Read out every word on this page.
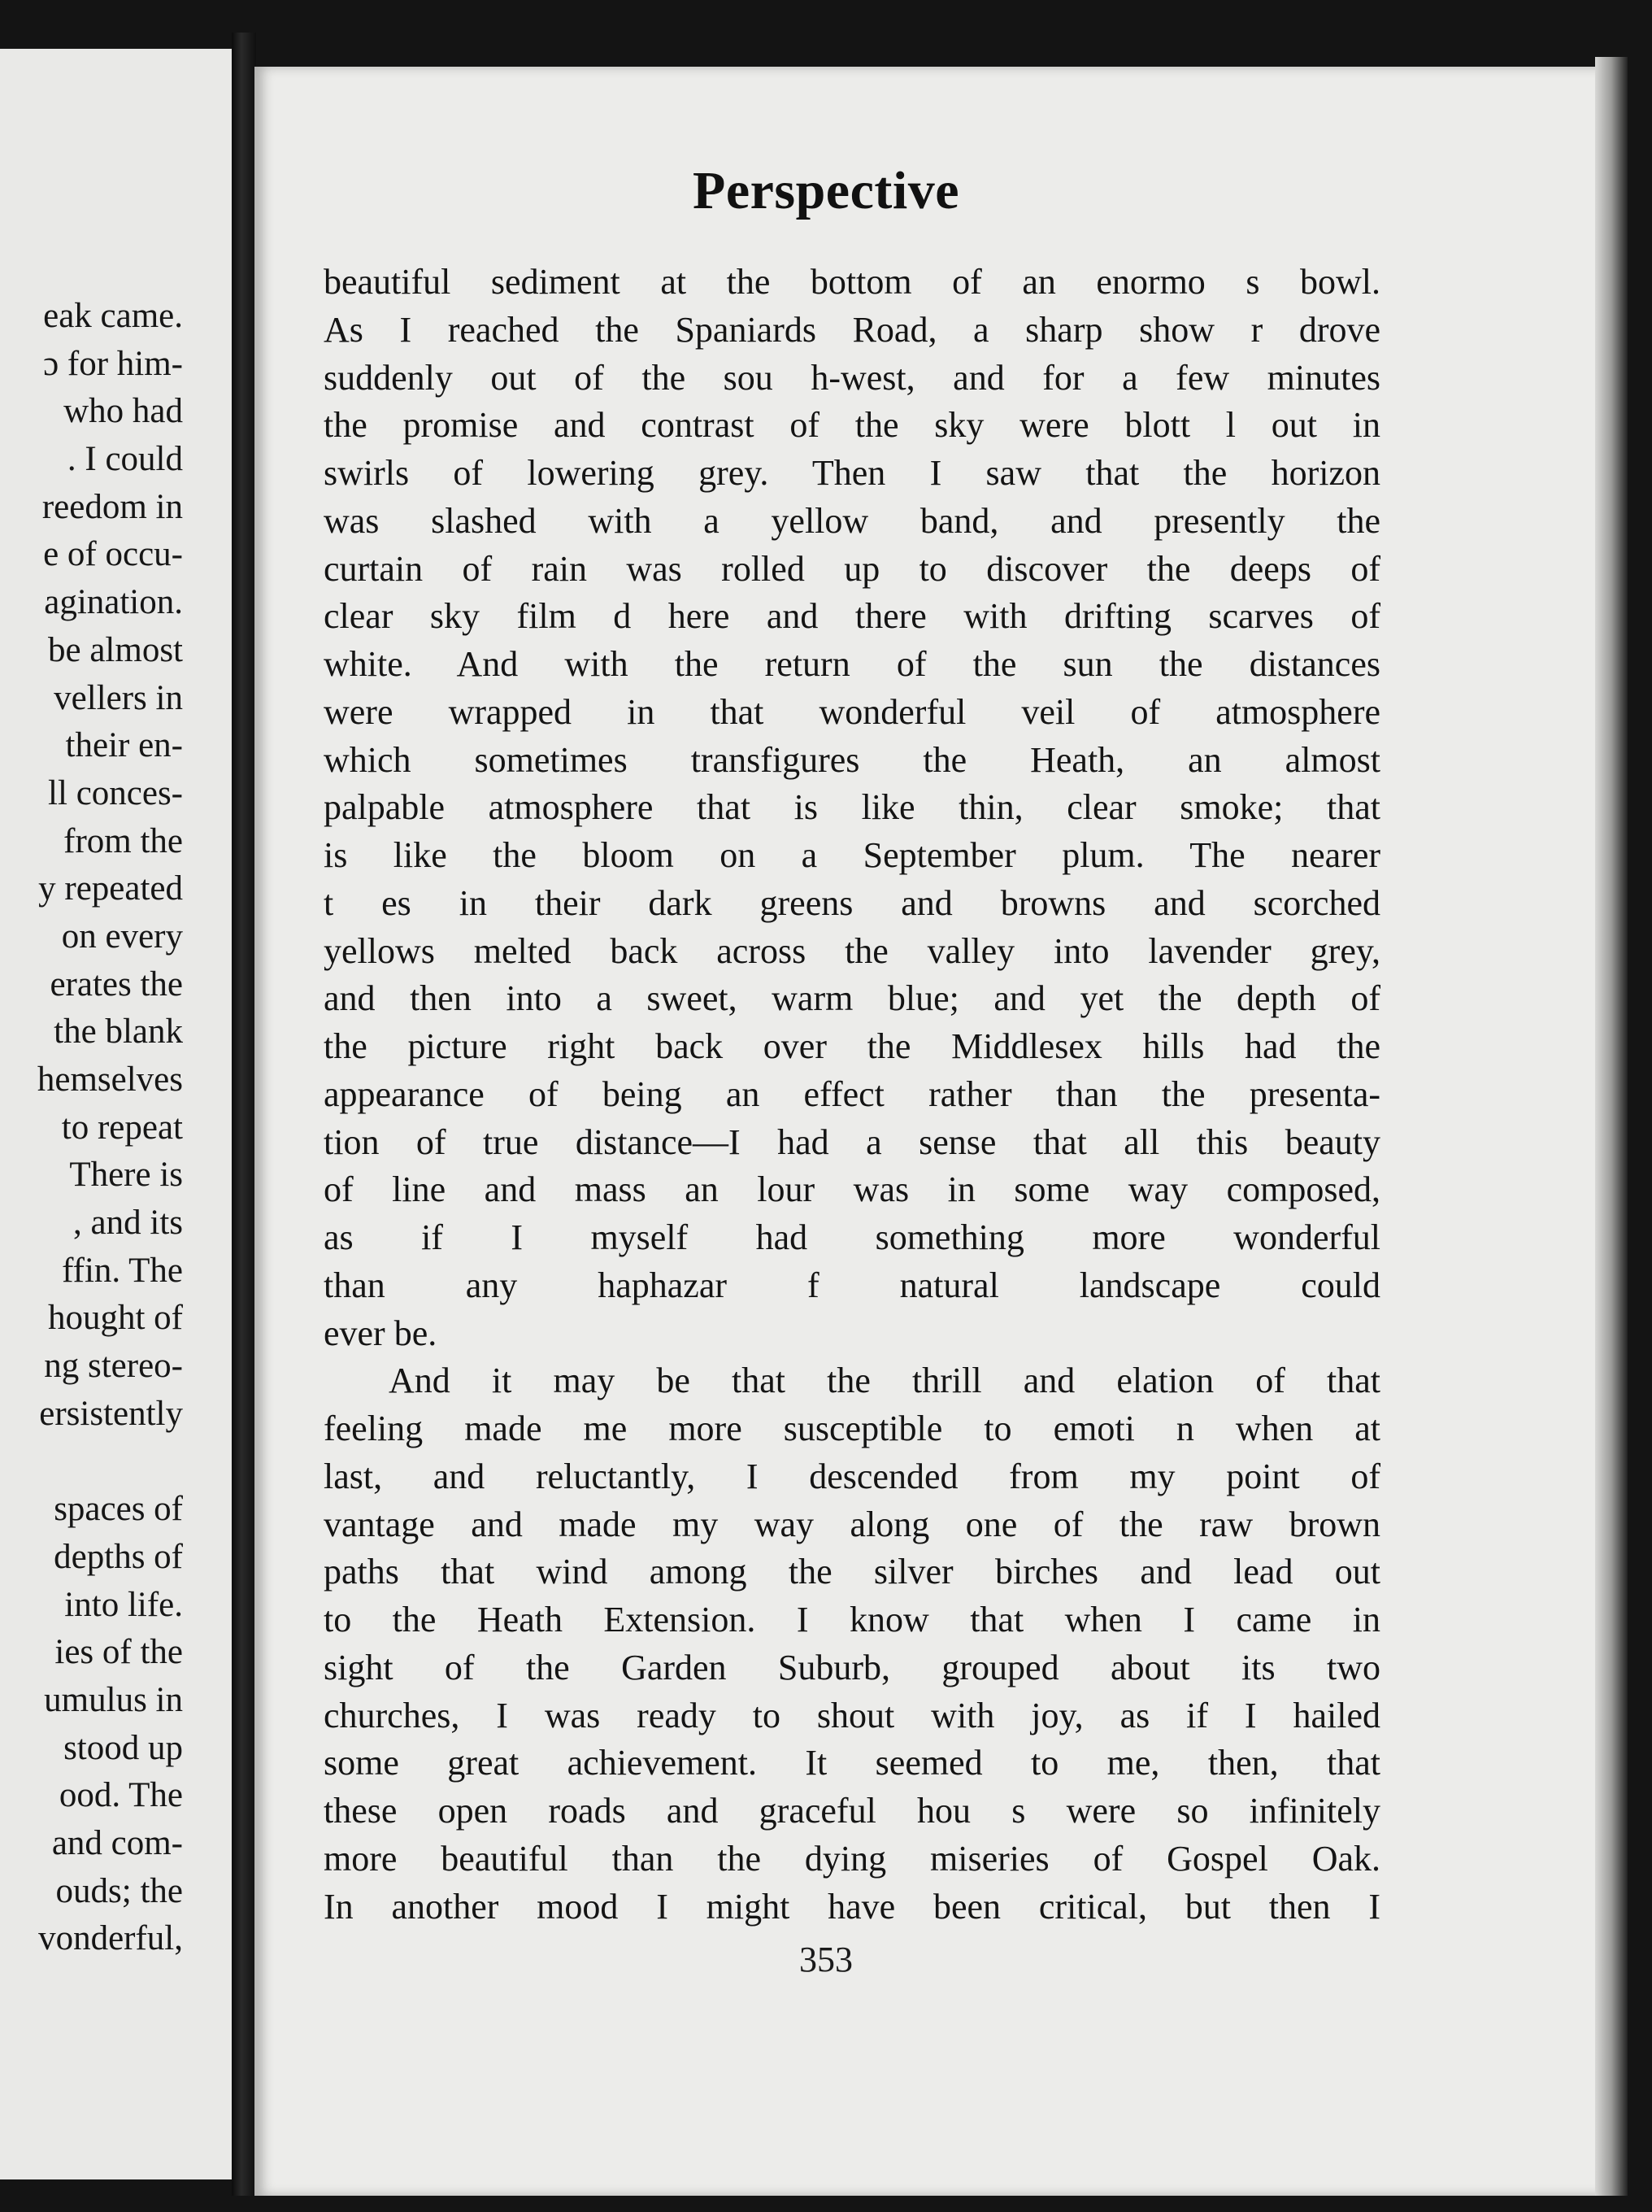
eak came.
ɔ for him-
who had
. I could
reedom in
e of occu-
agination.
be almost
vellers in
their en-
ll conces-
from the
y repeated
on every
erates the
the blank
hemselves
to repeat
There is
, and its
ffin. The
hought of
ng stereo-
ersistently
spaces of
depths of
into life.
ies of the
umulus in
stood up
ood. The
and com-
ouds; the
vonderful,
Perspective
beautiful sediment at the bottom of an enormo s bowl.
As I reached the Spaniards Road, a sharp show r drove
suddenly out of the sou h-west, and for a few minutes
the promise and contrast of the sky were blott l out in
swirls of lowering grey. Then I saw that the horizon
was slashed with a yellow band, and presently the
curtain of rain was rolled up to discover the deeps of
clear sky film d here and there with drifting scarves of
white. And with the return of the sun the distances
were wrapped in that wonderful veil of atmosphere
which sometimes transfigures the Heath, an almost
palpable atmosphere that is like thin, clear smoke; that
is like the bloom on a September plum. The nearer
t es in their dark greens and browns and scorched
yellows melted back across the valley into lavender grey,
and then into a sweet, warm blue; and yet the depth of
the picture right back over the Middlesex hills had the
appearance of being an effect rather than the presenta-
tion of true distance—I had a sense that all this beauty
of line and mass an lour was in some way composed,
as if I myself had something more wonderful
than any haphazar f natural landscape could
ever be.
And it may be that the thrill and elation of that
feeling made me more susceptible to emoti n when at
last, and reluctantly, I descended from my point of
vantage and made my way along one of the raw brown
paths that wind among the silver birches and lead out
to the Heath Extension. I know that when I came in
sight of the Garden Suburb, grouped about its two
churches, I was ready to shout with joy, as if I hailed
some great achievement. It seemed to me, then, that
these open roads and graceful hou s were so infinitely
more beautiful than the dying miseries of Gospel Oak.
In another mood I might have been critical, but then I
353
